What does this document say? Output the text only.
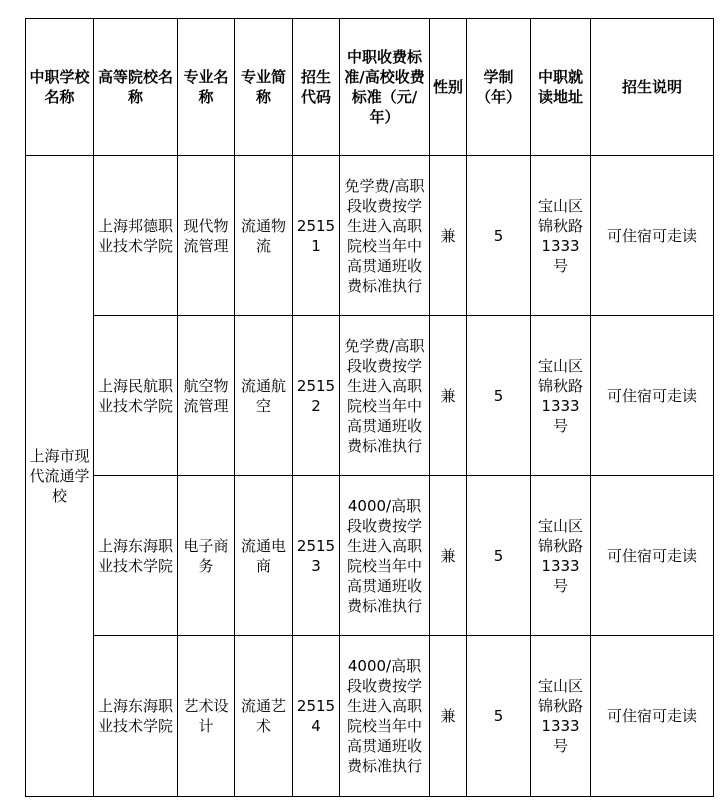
中职学校名称	高等院校名称	专业名称	专业简称	招生代码	中职收费标准/高校收费标准（元/年）	性别	学制（年）	中职就读地址	招生说明
上海市现代流通学校	上海邦德职业技术学院	现代物流管理	流通物流	25151	免学费/高职段收费按学生进入高职院校当年中高贯通班收费标准执行	兼	5	宝山区锦秋路1333号	可住宿可走读
	上海民航职业技术学院	航空物流管理	流通航空	25152	免学费/高职段收费按学生进入高职院校当年中高贯通班收费标准执行	兼	5	宝山区锦秋路1333号	可住宿可走读
	上海东海职业技术学院	电子商务	流通电商	25153	4000/高职段收费按学生进入高职院校当年中高贯通班收费标准执行	兼	5	宝山区锦秋路1333号	可住宿可走读
	上海东海职业技术学院	艺术设计	流通艺术	25154	4000/高职段收费按学生进入高职院校当年中高贯通班收费标准执行	兼	5	宝山区锦秋路1333号	可住宿可走读
